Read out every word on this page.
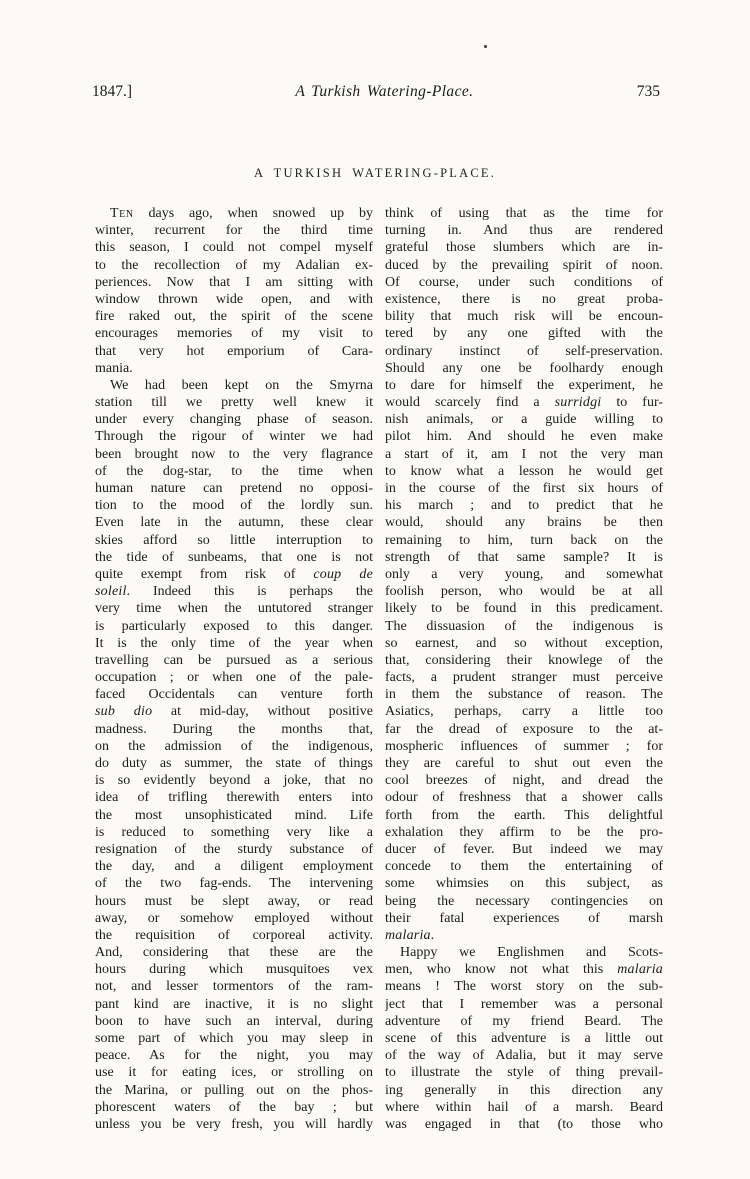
1847.]	A Turkish Watering-Place.	735
A TURKISH WATERING-PLACE.
Ten days ago, when snowed up by
winter, recurrent for the third time
this season, I could not compel myself
to the recollection of my Adalian ex-
periences. Now that I am sitting with
window thrown wide open, and with
fire raked out, the spirit of the scene
encourages memories of my visit to
that very hot emporium of Cara-
mania.
We had been kept on the Smyrna
station till we pretty well knew it
under every changing phase of season.
Through the rigour of winter we had
been brought now to the very flagrance
of the dog-star, to the time when
human nature can pretend no opposi-
tion to the mood of the lordly sun.
Even late in the autumn, these clear
skies afford so little interruption to
the tide of sunbeams, that one is not
quite exempt from risk of coup de
soleil. Indeed this is perhaps the
very time when the untutored stranger
is particularly exposed to this danger.
It is the only time of the year when
travelling can be pursued as a serious
occupation ; or when one of the pale-
faced Occidentals can venture forth
sub dio at mid-day, without positive
madness. During the months that,
on the admission of the indigenous,
do duty as summer, the state of things
is so evidently beyond a joke, that no
idea of trifling therewith enters into
the most unsophisticated mind. Life
is reduced to something very like a
resignation of the sturdy substance of
the day, and a diligent employment
of the two fag-ends. The intervening
hours must be slept away, or read
away, or somehow employed without
the requisition of corporeal activity.
And, considering that these are the
hours during which musquitoes vex
not, and lesser tormentors of the ram-
pant kind are inactive, it is no slight
boon to have such an interval, during
some part of which you may sleep in
peace. As for the night, you may
use it for eating ices, or strolling on
the Marina, or pulling out on the phos-
phorescent waters of the bay ; but
unless you be very fresh, you will hardly
think of using that as the time for
turning in. And thus are rendered
grateful those slumbers which are in-
duced by the prevailing spirit of noon.
Of course, under such conditions of
existence, there is no great proba-
bility that much risk will be encoun-
tered by any one gifted with the
ordinary instinct of self-preservation.
Should any one be foolhardy enough
to dare for himself the experiment, he
would scarcely find a surridgi to fur-
nish animals, or a guide willing to
pilot him. And should he even make
a start of it, am I not the very man
to know what a lesson he would get
in the course of the first six hours of
his march ; and to predict that he
would, should any brains be then
remaining to him, turn back on the
strength of that same sample? It is
only a very young, and somewhat
foolish person, who would be at all
likely to be found in this predicament.
The dissuasion of the indigenous is
so earnest, and so without exception,
that, considering their knowlege of the
facts, a prudent stranger must perceive
in them the substance of reason. The
Asiatics, perhaps, carry a little too
far the dread of exposure to the at-
mospheric influences of summer ; for
they are careful to shut out even the
cool breezes of night, and dread the
odour of freshness that a shower calls
forth from the earth. This delightful
exhalation they affirm to be the pro-
ducer of fever. But indeed we may
concede to them the entertaining of
some whimsies on this subject, as
being the necessary contingencies on
their fatal experiences of marsh
malaria.
Happy we Englishmen and Scots-
men, who know not what this malaria
means ! The worst story on the sub-
ject that I remember was a personal
adventure of my friend Beard. The
scene of this adventure is a little out
of the way of Adalia, but it may serve
to illustrate the style of thing prevail-
ing generally in this direction any
where within hail of a marsh. Beard
was engaged in that (to those who
